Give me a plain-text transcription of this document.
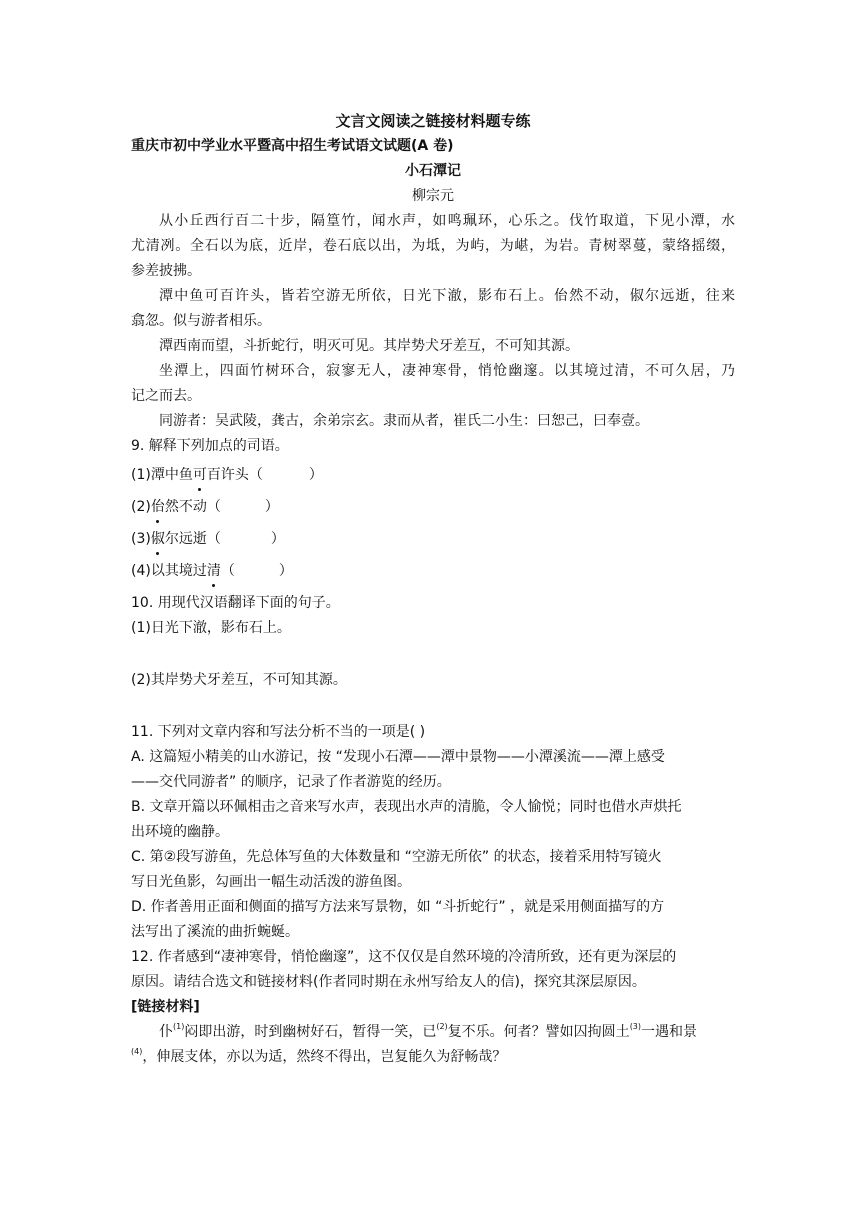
文言文阅读之链接材料题专练
重庆市初中学业水平暨高中招生考试语文试题(A 卷)
小石潭记
柳宗元
从小丘西行百二十步，隔篁竹，闻水声，如鸣珮环，心乐之。伐竹取道，下见小潭，水
尤清冽。全石以为底，近岸，卷石底以出，为坻，为屿，为嵁，为岩。青树翠蔓，蒙络摇缀，
参差披拂。
潭中鱼可百许头，皆若空游无所依，日光下澈，影布石上。佁然不动，俶尔远逝，往来
翕忽。似与游者相乐。
潭西南而望，斗折蛇行，明灭可见。其岸势犬牙差互，不可知其源。
坐潭上，四面竹树环合，寂寥无人，凄神寒骨，悄怆幽邃。以其境过清，不可久居，乃
记之而去。
同游者：吴武陵，龚古，余弟宗玄。隶而从者，崔氏二小生：曰恕己，曰奉壹。
9. 解释下列加点的司语。
(1)潭中鱼可百许头（	）
(2)佁然不动（	）
(3)俶尔远逝（	）
(4)以其境过清（	）
10. 用现代汉语翻译下面的句子。
(1)日光下澈，影布石上。
(2)其岸势犬牙差互，不可知其源。
11. 下列对文章内容和写法分析不当的一项是( )
A. 这篇短小精美的山水游记，按 “发现小石潭——潭中景物——小潭溪流——潭上感受
——交代同游者” 的顺序，记录了作者游览的经历。
B. 文章开篇以环佩相击之音来写水声，表现出水声的清脆，令人愉悦；同时也借水声烘托
出环境的幽静。
C. 第②段写游鱼，先总体写鱼的大体数量和 “空游无所依” 的状态，接着采用特写镜火
写日光鱼影，勾画出一幅生动活泼的游鱼图。
D. 作者善用正面和侧面的描写方法来写景物，如 “斗折蛇行” ，就是采用侧面描写的方
法写出了溪流的曲折蜿蜒。
12. 作者感到“凄神寒骨，悄怆幽邃”，这不仅仅是自然环境的冷清所致，还有更为深层的
原因。请结合选文和链接材料(作者同时期在永州写给友人的信)，探究其深层原因。
[链接材料]
仆$^{(1)}$闷即出游，时到幽树好石，暂得一笑，已$^{(2)}$复不乐。何者？譬如囚拘圆土$^{(3)}$一遇和景
$^{(4)}$，伸展支体，亦以为适，然终不得出，岂复能久为舒畅哉？
